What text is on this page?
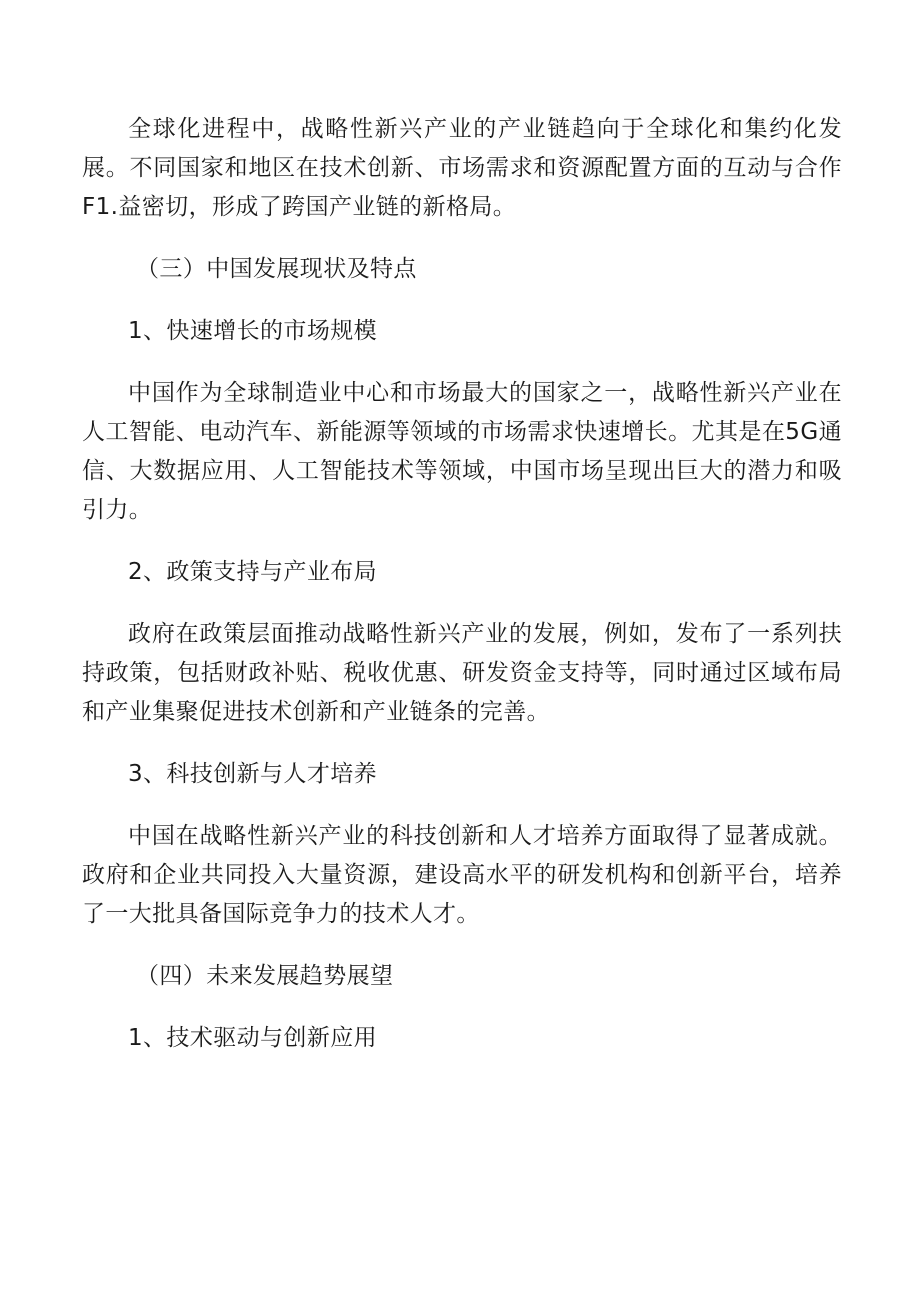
全球化进程中，战略性新兴产业的产业链趋向于全球化和集约化发展。不同国家和地区在技术创新、市场需求和资源配置方面的互动与合作F1.益密切，形成了跨国产业链的新格局。

（三）中国发展现状及特点

1、快速增长的市场规模

中国作为全球制造业中心和市场最大的国家之一，战略性新兴产业在人工智能、电动汽车、新能源等领域的市场需求快速增长。尤其是在5G通信、大数据应用、人工智能技术等领域，中国市场呈现出巨大的潜力和吸引力。

2、政策支持与产业布局

政府在政策层面推动战略性新兴产业的发展，例如，发布了一系列扶持政策，包括财政补贴、税收优惠、研发资金支持等，同时通过区域布局和产业集聚促进技术创新和产业链条的完善。

3、科技创新与人才培养

中国在战略性新兴产业的科技创新和人才培养方面取得了显著成就。政府和企业共同投入大量资源，建设高水平的研发机构和创新平台，培养了一大批具备国际竞争力的技术人才。

（四）未来发展趋势展望

1、技术驱动与创新应用
